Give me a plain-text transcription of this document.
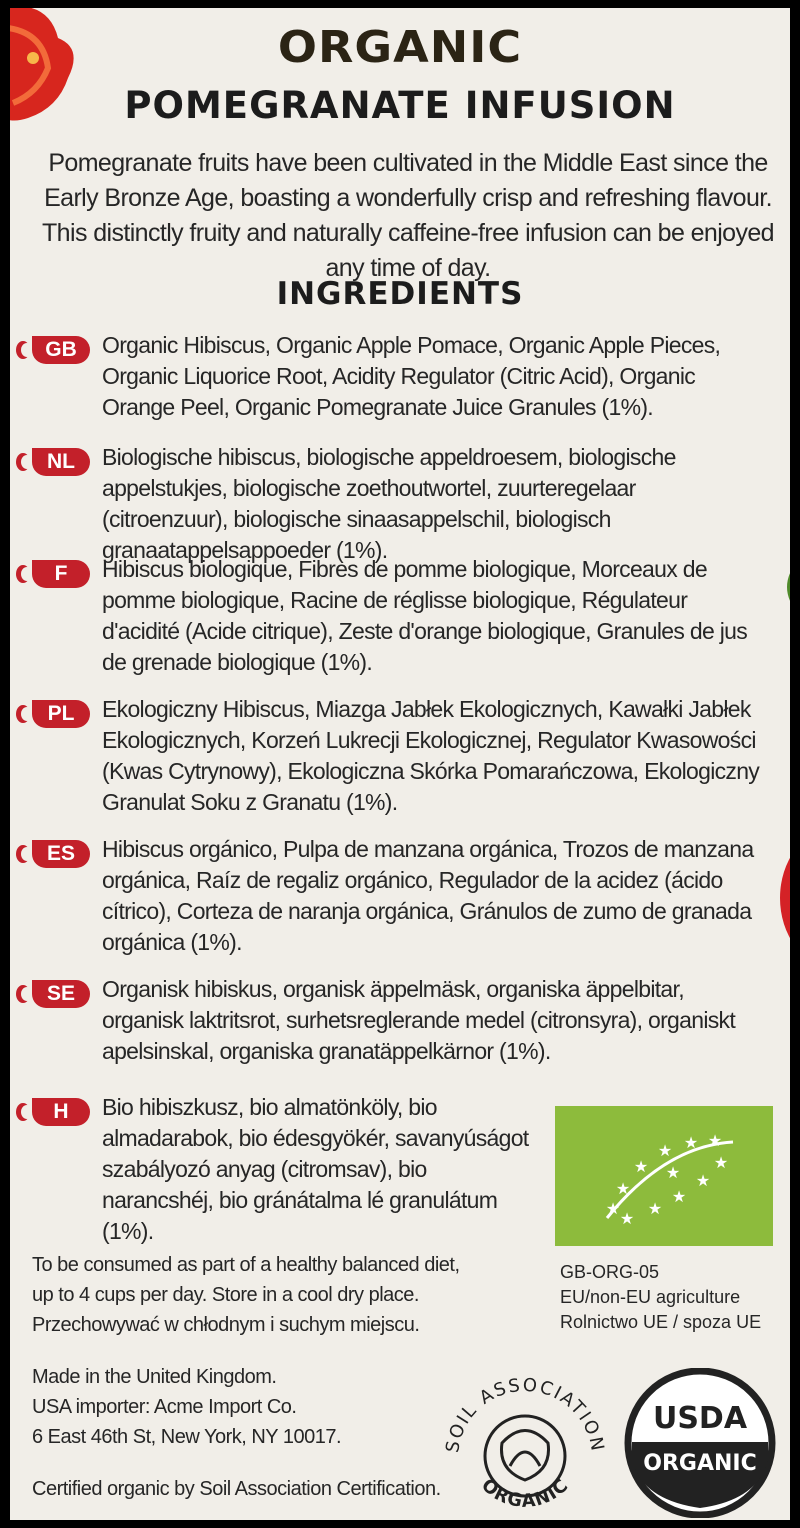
ORGANIC
POMEGRANATE INFUSION
Pomegranate fruits have been cultivated in the Middle East since the Early Bronze Age, boasting a wonderfully crisp and refreshing flavour. This distinctly fruity and naturally caffeine-free infusion can be enjoyed any time of day.
INGREDIENTS
GB	Organic Hibiscus, Organic Apple Pomace, Organic Apple Pieces, Organic Liquorice Root, Acidity Regulator (Citric Acid), Organic Orange Peel, Organic Pomegranate Juice Granules (1%).
NL	Biologische hibiscus, biologische appeldroesem, biologische appelstukjes, biologische zoethoutwortel, zuurteregelaar (citroenzuur), biologische sinaasappelschil, biologisch granaatappelsappoeder (1%).
F	Hibiscus biologique, Fibres de pomme biologique, Morceaux de pomme biologique, Racine de réglisse biologique, Régulateur d'acidité (Acide citrique), Zeste d'orange biologique, Granules de jus de grenade biologique (1%).
PL	Ekologiczny Hibiscus, Miazga Jabłek Ekologicznych, Kawałki Jabłek Ekologicznych, Korzeń Lukrecji Ekologicznej, Regulator Kwasowości (Kwas Cytrynowy), Ekologiczna Skórka Pomarańczowa, Ekologiczny Granulat Soku z Granatu (1%).
ES	Hibiscus orgánico, Pulpa de manzana orgánica, Trozos de manzana orgánica, Raíz de regaliz orgánico, Regulador de la acidez (ácido cítrico), Corteza de naranja orgánica, Gránulos de zumo de granada orgánica (1%).
SE	Organisk hibiskus, organisk äppelmäsk, organiska äppelbitar, organisk laktritsrot, surhetsreglerande medel (citronsyra), organiskt apelsinskal, organiska granatäppelkärnor (1%).
H	Bio hibiszkusz, bio almatönköly, bio almadarabok, bio édesgyökér, savanyúságot szabályozó anyag (citromsav), bio narancshéj, bio gránátalma lé granulátum (1%).
★
★
★
★ ★ ★
★
★
★
★
★
★
GB-ORG-05
EU/non-EU agriculture
Rolnictwo UE / spoza UE
To be consumed as part of a healthy balanced diet,
up to 4 cups per day. Store in a cool dry place.
Przechowywać w chłodnym i suchym miejscu.
Made in the United Kingdom.
USA importer: Acme Import Co.
6 East 46th St, New York, NY 10017.
Certified organic by Soil Association Certification.
SOIL ASSOCIATION
ORGANIC
USDA
ORGANIC
